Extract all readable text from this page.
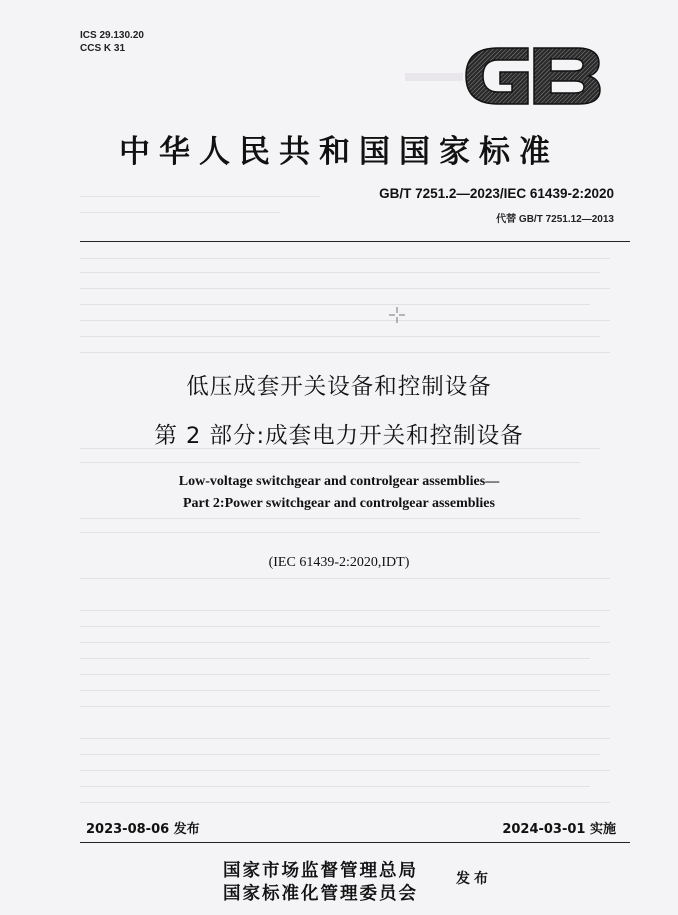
ICS 29.130.20
CCS K 31
中华人民共和国国家标准
GB/T 7251.2—2023/IEC 61439-2:2020
代替 GB/T 7251.12—2013
低压成套开关设备和控制设备
第 2 部分:成套电力开关和控制设备
Low-voltage switchgear and controlgear assemblies—
Part 2:Power switchgear and controlgear assemblies
(IEC 61439-2:2020,IDT)
2023-08-06 发布	2024-03-01 实施
国家市场监督管理总局
国家标准化管理委员会
发布
